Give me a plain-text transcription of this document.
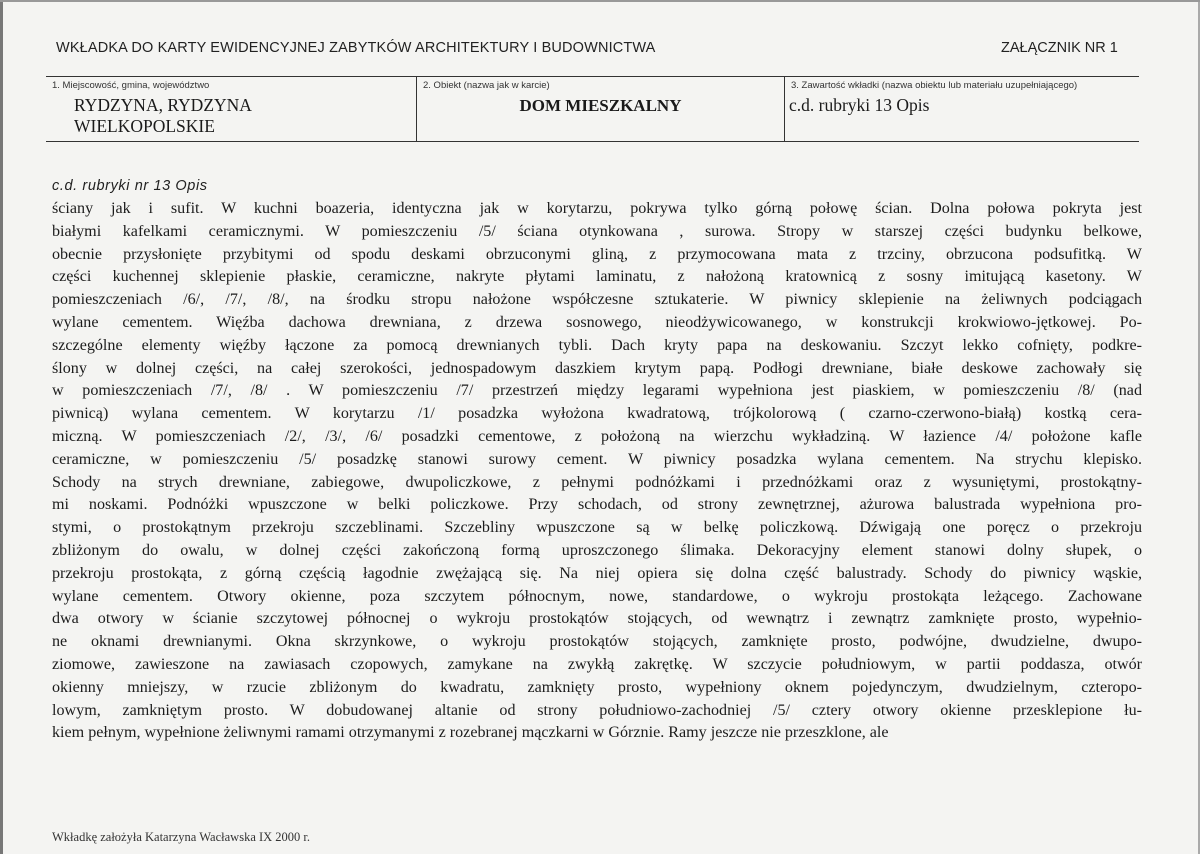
WKŁADKA DO KARTY EWIDENCYJNEJ ZABYTKÓW ARCHITEKTURY I BUDOWNICTWA	ZAŁĄCZNIK NR 1
1. Miejscowość, gmina, województwo
RYDZYNA, RYDZYNA
WIELKOPOLSKIE
2. Obiekt (nazwa jak w karcie)
DOM MIESZKALNY
3. Zawartość wkładki (nazwa obiektu lub materiału uzupełniającego)
c.d. rubryki 13 Opis
c.d. rubryki nr 13 Opis
ściany jak i sufit. W kuchni boazeria, identyczna jak w korytarzu, pokrywa tylko górną połowę ścian. Dolna połowa pokryta jest
białymi kafelkami ceramicznymi. W pomieszczeniu /5/ ściana otynkowana , surowa. Stropy w starszej części budynku belkowe,
obecnie przysłonięte przybitymi od spodu deskami obrzuconymi gliną, z przymocowana mata z trzciny, obrzucona podsufitką. W
części kuchennej sklepienie płaskie, ceramiczne, nakryte płytami laminatu, z nałożoną kratownicą z sosny imitującą kasetony. W
pomieszczeniach /6/, /7/, /8/, na środku stropu nałożone współczesne sztukaterie. W piwnicy sklepienie na żeliwnych podciągach
wylane cementem. Więźba dachowa drewniana, z drzewa sosnowego, nieodżywicowanego, w konstrukcji krokwiowo-jętkowej. Po-
szczególne elementy więźby łączone za pomocą drewnianych tybli. Dach kryty papa na deskowaniu. Szczyt lekko cofnięty, podkre-
ślony w dolnej części, na całej szerokości, jednospadowym daszkiem krytym papą. Podłogi drewniane, białe deskowe zachowały się
w pomieszczeniach /7/, /8/ . W pomieszczeniu /7/ przestrzeń między legarami wypełniona jest piaskiem, w pomieszczeniu /8/ (nad
piwnicą) wylana cementem. W korytarzu /1/ posadzka wyłożona kwadratową, trójkolorową ( czarno-czerwono-białą) kostką cera-
miczną. W pomieszczeniach /2/, /3/, /6/ posadzki cementowe, z położoną na wierzchu wykładziną. W łazience /4/ położone kafle
ceramiczne, w pomieszczeniu /5/ posadzkę stanowi surowy cement. W piwnicy posadzka wylana cementem. Na strychu klepisko.
Schody na strych drewniane, zabiegowe, dwupoliczkowe, z pełnymi podnóżkami i przednóżkami oraz z wysuniętymi, prostokątny-
mi noskami. Podnóżki wpuszczone w belki policzkowe. Przy schodach, od strony zewnętrznej, ażurowa balustrada wypełniona pro-
stymi, o prostokątnym przekroju szczeblinami. Szczebliny wpuszczone są w belkę policzkową. Dźwigają one poręcz o przekroju
zbliżonym do owalu, w dolnej części zakończoną formą uproszczonego ślimaka. Dekoracyjny element stanowi dolny słupek, o
przekroju prostokąta, z górną częścią łagodnie zwężającą się. Na niej opiera się dolna część balustrady. Schody do piwnicy wąskie,
wylane cementem. Otwory okienne, poza szczytem północnym, nowe, standardowe, o wykroju prostokąta leżącego. Zachowane
dwa otwory w ścianie szczytowej północnej o wykroju prostokątów stojących, od wewnątrz i zewnątrz zamknięte prosto, wypełnio-
ne oknami drewnianymi. Okna skrzynkowe, o wykroju prostokątów stojących, zamknięte prosto, podwójne, dwudzielne, dwupo-
ziomowe, zawieszone na zawiasach czopowych, zamykane na zwykłą zakrętkę. W szczycie południowym, w partii poddasza, otwór
okienny mniejszy, w rzucie zbliżonym do kwadratu, zamknięty prosto, wypełniony oknem pojedynczym, dwudzielnym, czteropo-
lowym, zamkniętym prosto. W dobudowanej altanie od strony południowo-zachodniej /5/ cztery otwory okienne przesklepione łu-
kiem pełnym, wypełnione żeliwnymi ramami otrzymanymi z rozebranej mączkarni w Górznie. Ramy jeszcze nie przeszklone, ale
Wkładkę założyła Katarzyna Wacławska IX 2000 r.
